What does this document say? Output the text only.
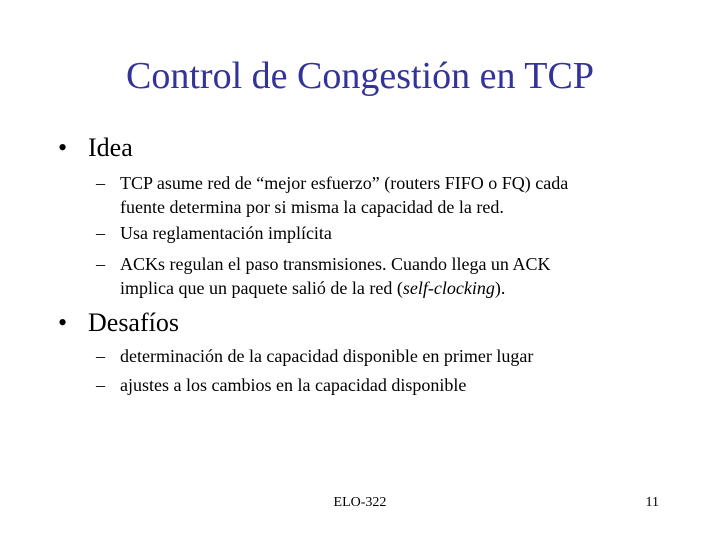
Control de Congestión en TCP
• Idea
– TCP asume red de “mejor esfuerzo” (routers FIFO o FQ) cada
fuente determina por si misma la capacidad de la red.
– Usa reglamentación implícita
– ACKs regulan el paso transmisiones. Cuando llega un ACK
implica que un paquete salió de la red (self-clocking).
• Desafíos
– determinación de la capacidad disponible en primer lugar
– ajustes a los cambios en la capacidad disponible
ELO-322	11
